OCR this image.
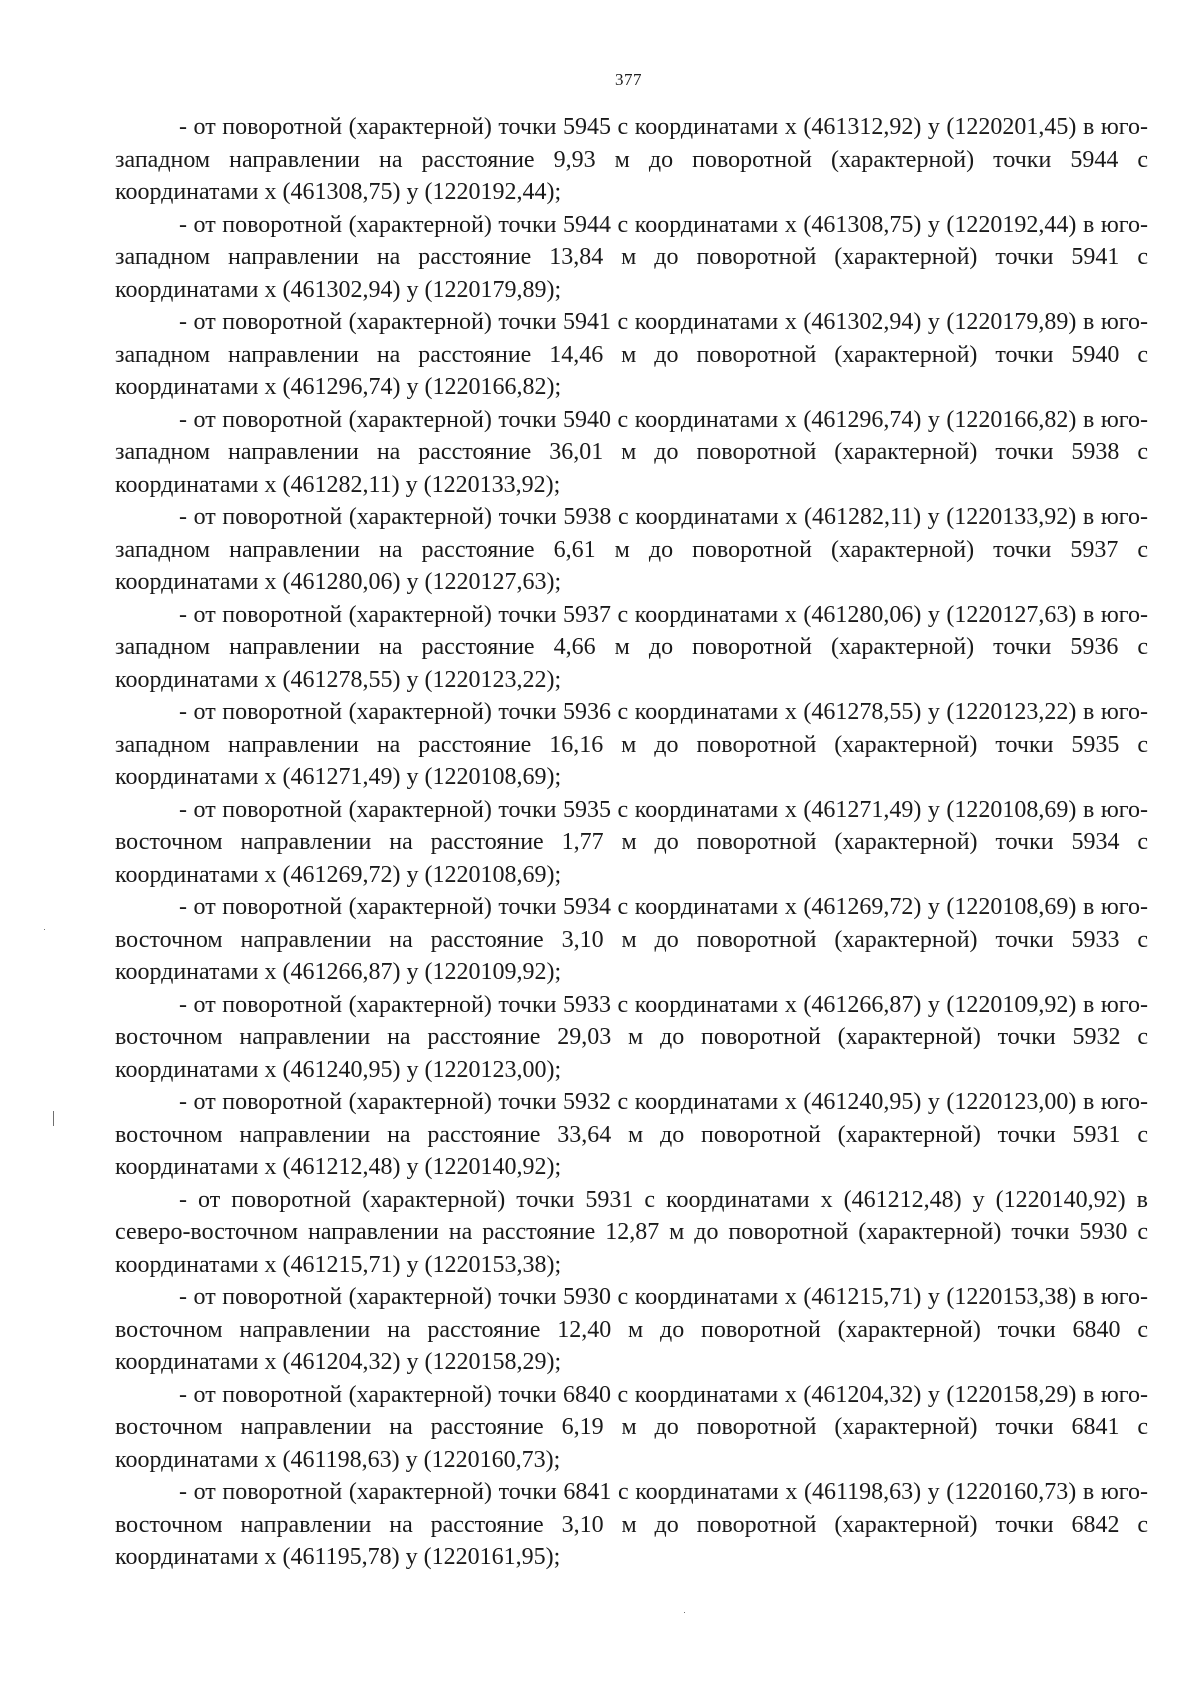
377

- от поворотной (характерной) точки 5945 с координатами х (461312,92) у (1220201,45) в юго-западном направлении на расстояние 9,93 м до поворотной (характерной) точки 5944 с координатами х (461308,75) у (1220192,44);

- от поворотной (характерной) точки 5944 с координатами х (461308,75) у (1220192,44) в юго-западном направлении на расстояние 13,84 м до поворотной (характерной) точки 5941 с координатами х (461302,94) у (1220179,89);

- от поворотной (характерной) точки 5941 с координатами х (461302,94) у (1220179,89) в юго-западном направлении на расстояние 14,46 м до поворотной (характерной) точки 5940 с координатами х (461296,74) у (1220166,82);

- от поворотной (характерной) точки 5940 с координатами х (461296,74) у (1220166,82) в юго-западном направлении на расстояние 36,01 м до поворотной (характерной) точки 5938 с координатами х (461282,11) у (1220133,92);

- от поворотной (характерной) точки 5938 с координатами х (461282,11) у (1220133,92) в юго-западном направлении на расстояние 6,61 м до поворотной (характерной) точки 5937 с координатами х (461280,06) у (1220127,63);

- от поворотной (характерной) точки 5937 с координатами х (461280,06) у (1220127,63) в юго-западном направлении на расстояние 4,66 м до поворотной (характерной) точки 5936 с координатами х (461278,55) у (1220123,22);

- от поворотной (характерной) точки 5936 с координатами х (461278,55) у (1220123,22) в юго-западном направлении на расстояние 16,16 м до поворотной (характерной) точки 5935 с координатами х (461271,49) у (1220108,69);

- от поворотной (характерной) точки 5935 с координатами х (461271,49) у (1220108,69) в юго-восточном направлении на расстояние 1,77 м до поворотной (характерной) точки 5934 с координатами х (461269,72) у (1220108,69);

- от поворотной (характерной) точки 5934 с координатами х (461269,72) у (1220108,69) в юго-восточном направлении на расстояние 3,10 м до поворотной (характерной) точки 5933 с координатами х (461266,87) у (1220109,92);

- от поворотной (характерной) точки 5933 с координатами х (461266,87) у (1220109,92) в юго-восточном направлении на расстояние 29,03 м до поворотной (характерной) точки 5932 с координатами х (461240,95) у (1220123,00);

- от поворотной (характерной) точки 5932 с координатами х (461240,95) у (1220123,00) в юго-восточном направлении на расстояние 33,64 м до поворотной (характерной) точки 5931 с координатами х (461212,48) у (1220140,92);

- от поворотной (характерной) точки 5931 с координатами х (461212,48) у (1220140,92) в северо-восточном направлении на расстояние 12,87 м до поворотной (характерной) точки 5930 с координатами х (461215,71) у (1220153,38);

- от поворотной (характерной) точки 5930 с координатами х (461215,71) у (1220153,38) в юго-восточном направлении на расстояние 12,40 м до поворотной (характерной) точки 6840 с координатами х (461204,32) у (1220158,29);

- от поворотной (характерной) точки 6840 с координатами х (461204,32) у (1220158,29) в юго-восточном направлении на расстояние 6,19 м до поворотной (характерной) точки 6841 с координатами х (461198,63) у (1220160,73);

- от поворотной (характерной) точки 6841 с координатами х (461198,63) у (1220160,73) в юго-восточном направлении на расстояние 3,10 м до поворотной (характерной) точки 6842 с координатами х (461195,78) у (1220161,95);
